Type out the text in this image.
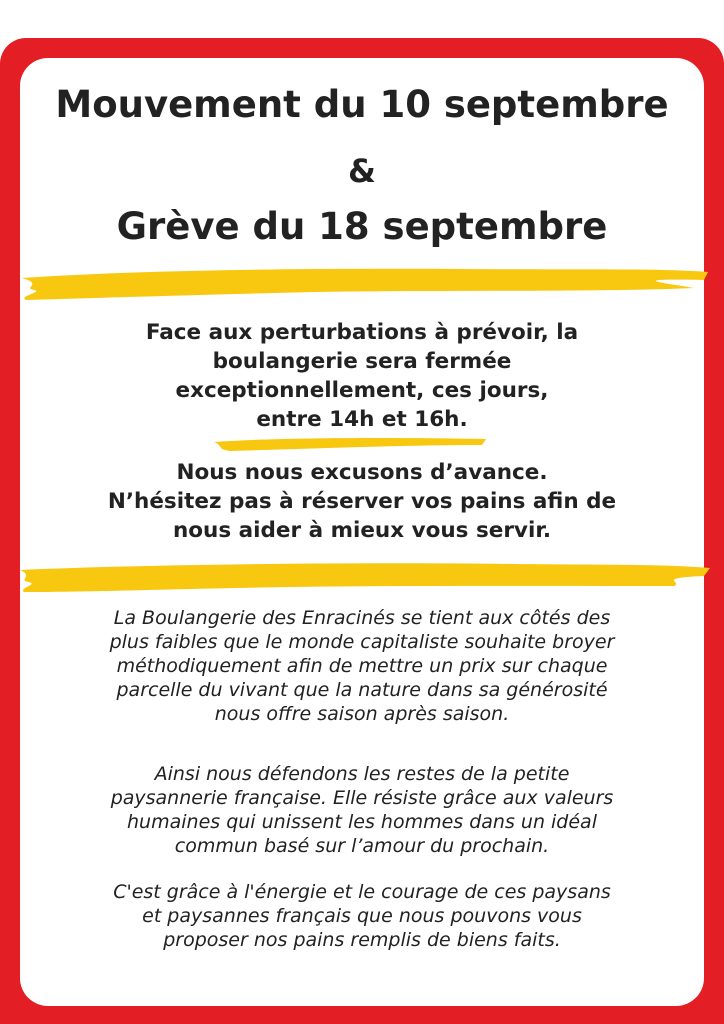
Mouvement du 10 septembre
&
Grève du 18 septembre

Face aux perturbations à prévoir, la
boulangerie sera fermée
exceptionnellement, ces jours,
entre 14h et 16h.

Nous nous excusons d’avance.
N’hésitez pas à réserver vos pains afin de
nous aider à mieux vous servir.

La Boulangerie des Enracinés se tient aux côtés des
plus faibles que le monde capitaliste souhaite broyer
méthodiquement afin de mettre un prix sur chaque
parcelle du vivant que la nature dans sa générosité
nous offre saison après saison.

Ainsi nous défendons les restes de la petite
paysannerie française. Elle résiste grâce aux valeurs
humaines qui unissent les hommes dans un idéal
commun basé sur l’amour du prochain.

C'est grâce à l'énergie et le courage de ces paysans
et paysannes français que nous pouvons vous
proposer nos pains remplis de biens faits.
